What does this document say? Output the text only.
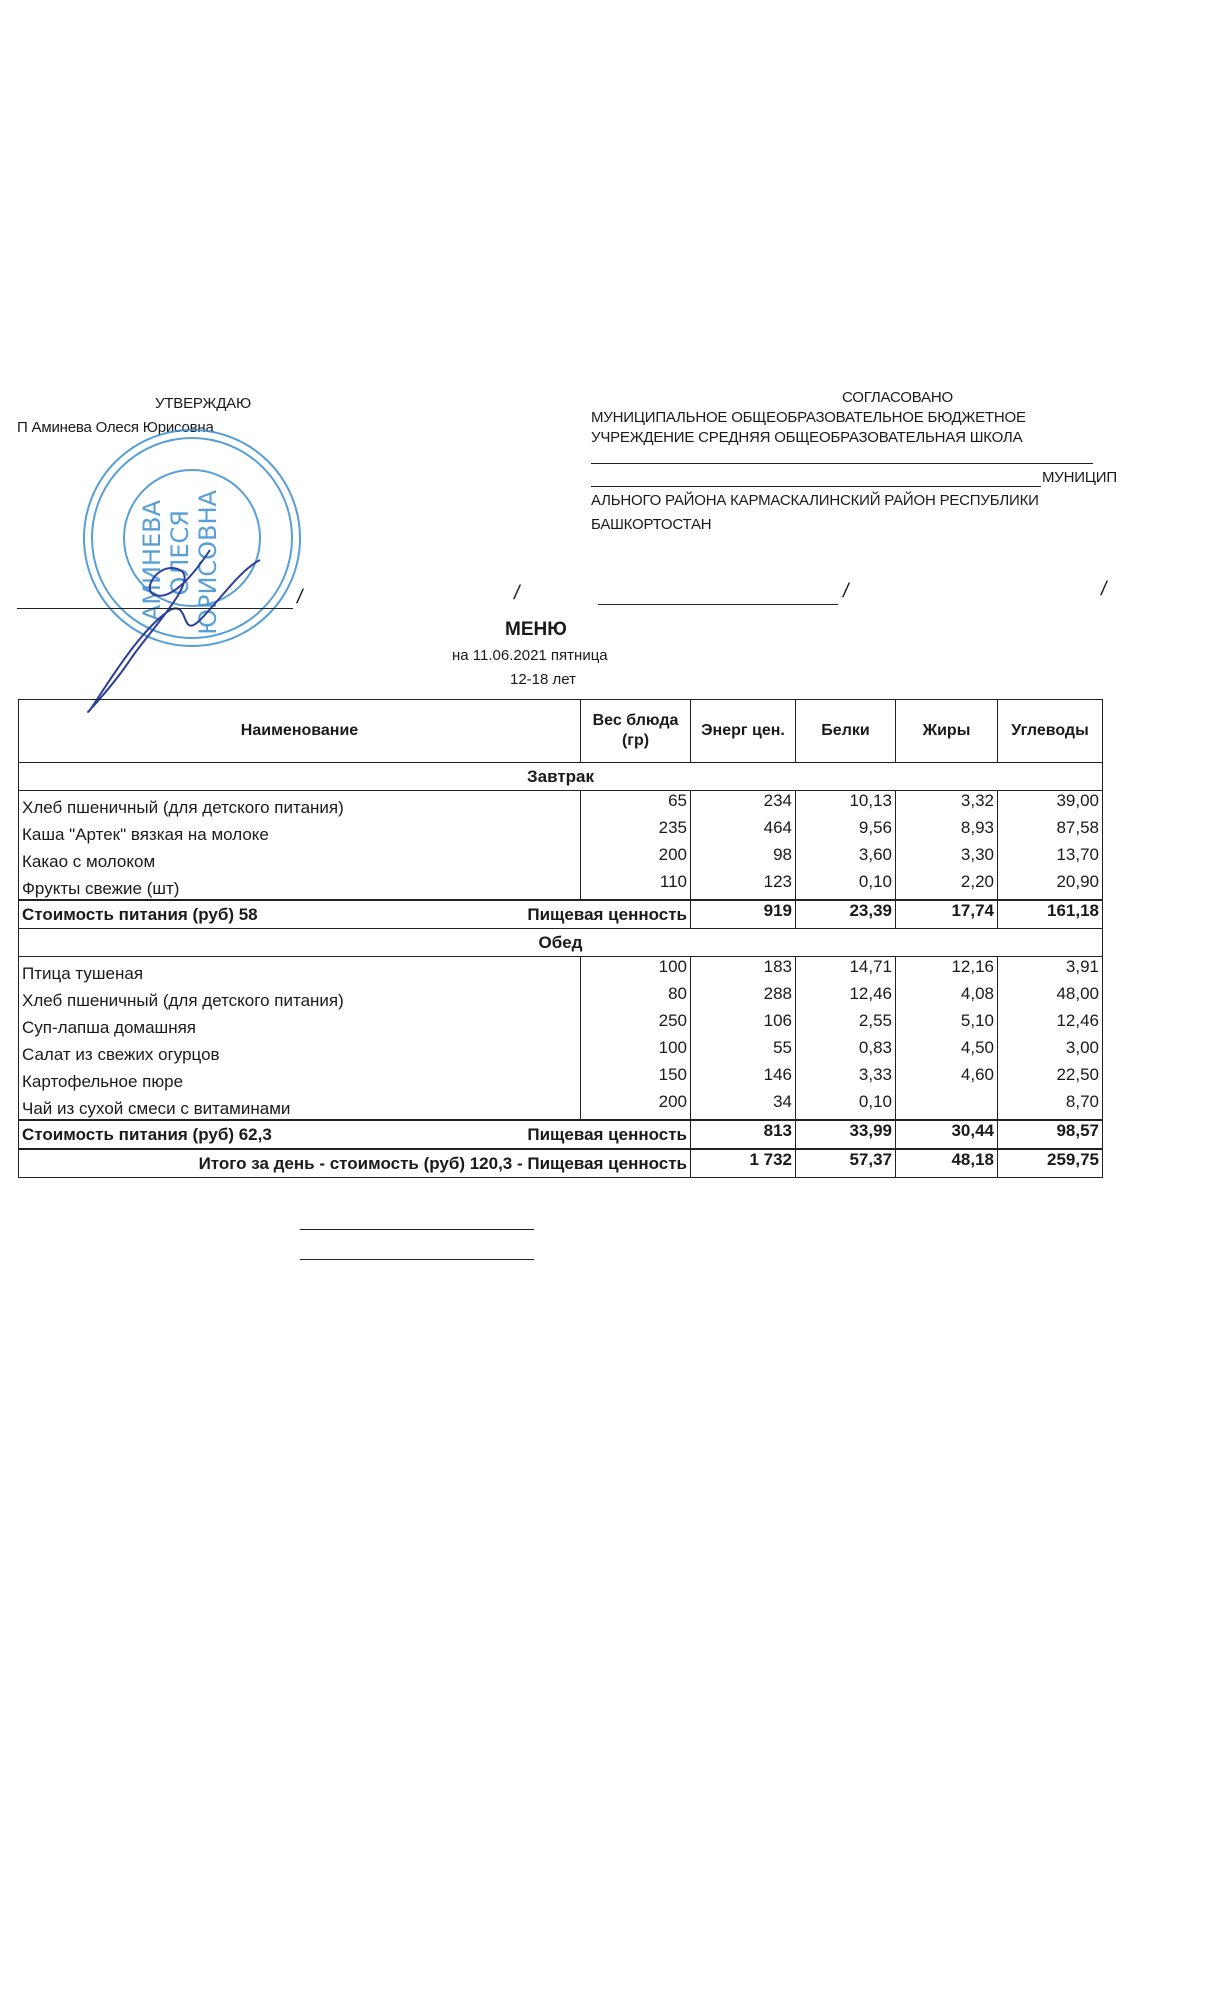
УТВЕРЖДАЮ
П Аминева Олеся Юрисовна
АМИНЕВА ОЛЕСЯ ЮРИСОВНА
СОГЛАСОВАНО
МУНИЦИПАЛЬНОЕ ОБЩЕОБРАЗОВАТЕЛЬНОЕ БЮДЖЕТНОЕ
УЧРЕЖДЕНИЕ СРЕДНЯЯ ОБЩЕОБРАЗОВАТЕЛЬНАЯ ШКОЛА
МУНИЦИП
АЛЬНОГО РАЙОНА КАРМАСКАЛИНСКИЙ РАЙОН РЕСПУБЛИКИ
БАШКОРТОСТАН
/	/	/	/
МЕНЮ
на 11.06.2021 пятница
12-18 лет
Наименование	Вес блюда (гр)	Энерг цен.	Белки	Жиры	Углеводы
Завтрак					
Хлеб пшеничный (для детского питания)	65	234	10,13	3,32	39,00
Каша "Артек" вязкая на молоке	235	464	9,56	8,93	87,58
Какао с молоком	200	98	3,60	3,30	13,70
Фрукты свежие (шт)	110	123	0,10	2,20	20,90
Стоимость питания (руб) 58 Пищевая ценность		919	23,39	17,74	161,18
Обед					
Птица тушеная	100	183	14,71	12,16	3,91
Хлеб пшеничный (для детского питания)	80	288	12,46	4,08	48,00
Суп-лапша домашняя	250	106	2,55	5,10	12,46
Салат из свежих огурцов	100	55	0,83	4,50	3,00
Картофельное пюре	150	146	3,33	4,60	22,50
Чай из сухой смеси с витаминами	200	34	0,10		8,70
Стоимость питания (руб) 62,3 Пищевая ценность		813	33,99	30,44	98,57
Итого за день - стоимость (руб) 120,3 - Пищевая ценность		1 732	57,37	48,18	259,75
